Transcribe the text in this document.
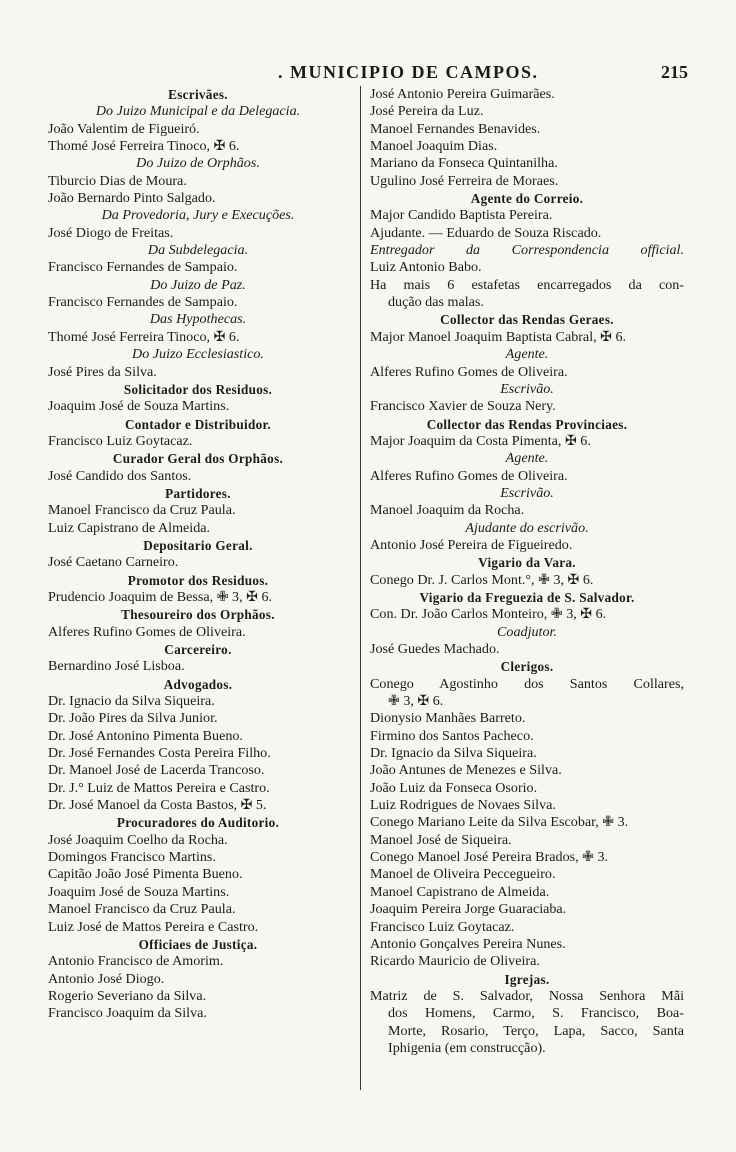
. MUNICIPIO DE CAMPOS.	215
Escrivães.
Do Juizo Municipal e da Delegacia.
João Valentim de Figueiró.
Thomé José Ferreira Tinoco, ✠ 6.
Do Juizo de Orphãos.
Tiburcio Dias de Moura.
João Bernardo Pinto Salgado.
Da Provedoria, Jury e Execuções.
José Diogo de Freitas.
Da Subdelegacia.
Francisco Fernandes de Sampaio.
Do Juizo de Paz.
Francisco Fernandes de Sampaio.
Das Hypothecas.
Thomé José Ferreira Tinoco, ✠ 6.
Do Juizo Ecclesiastico.
José Pires da Silva.
Solicitador dos Residuos.
Joaquim José de Souza Martins.
Contador e Distribuidor.
Francisco Luiz Goytacaz.
Curador Geral dos Orphãos.
José Candido dos Santos.
Partidores.
Manoel Francisco da Cruz Paula.
Luiz Capistrano de Almeida.
Depositario Geral.
José Caetano Carneiro.
Promotor dos Residuos.
Prudencio Joaquim de Bessa, ✙ 3, ✠ 6.
Thesoureiro dos Orphãos.
Alferes Rufino Gomes de Oliveira.
Carcereiro.
Bernardino José Lisboa.
Advogados.
Dr. Ignacio da Silva Siqueira.
Dr. João Pires da Silva Junior.
Dr. José Antonino Pimenta Bueno.
Dr. José Fernandes Costa Pereira Filho.
Dr. Manoel José de Lacerda Trancoso.
Dr. J.° Luiz de Mattos Pereira e Castro.
Dr. José Manoel da Costa Bastos, ✠ 5.
Procuradores do Auditorio.
José Joaquim Coelho da Rocha.
Domingos Francisco Martins.
Capitão João José Pimenta Bueno.
Joaquim José de Souza Martins.
Manoel Francisco da Cruz Paula.
Luiz José de Mattos Pereira e Castro.
Officiaes de Justiça.
Antonio Francisco de Amorim.
Antonio José Diogo.
Rogerio Severiano da Silva.
Francisco Joaquim da Silva.
José Antonio Pereira Guimarães.
José Pereira da Luz.
Manoel Fernandes Benavides.
Manoel Joaquim Dias.
Mariano da Fonseca Quintanilha.
Ugulino José Ferreira de Moraes.
Agente do Correio.
Major Candido Baptista Pereira.
Ajudante. — Eduardo de Souza Riscado.
Entregador da Correspondencia official.
Luiz Antonio Babo.
Ha mais 6 estafetas encarregados da con-
dução das malas.
Collector das Rendas Geraes.
Major Manoel Joaquim Baptista Cabral, ✠ 6.
Agente.
Alferes Rufino Gomes de Oliveira.
Escrivão.
Francisco Xavier de Souza Nery.
Collector das Rendas Provinciaes.
Major Joaquim da Costa Pimenta, ✠ 6.
Agente.
Alferes Rufino Gomes de Oliveira.
Escrivão.
Manoel Joaquim da Rocha.
Ajudante do escrivão.
Antonio José Pereira de Figueiredo.
Vigario da Vara.
Conego Dr. J. Carlos Mont.°, ✙ 3, ✠ 6.
Vigario da Freguezia de S. Salvador.
Con. Dr. João Carlos Monteiro, ✙ 3, ✠ 6.
Coadjutor.
José Guedes Machado.
Clerigos.
Conego Agostinho dos Santos Collares,
✙ 3, ✠ 6.
Dionysio Manhães Barreto.
Firmino dos Santos Pacheco.
Dr. Ignacio da Silva Siqueira.
João Antunes de Menezes e Silva.
João Luiz da Fonseca Osorio.
Luiz Rodrigues de Novaes Silva.
Conego Mariano Leite da Silva Escobar, ✙ 3.
Manoel José de Siqueira.
Conego Manoel José Pereira Brados, ✙ 3.
Manoel de Oliveira Peccegueiro.
Manoel Capistrano de Almeida.
Joaquim Pereira Jorge Guaraciaba.
Francisco Luiz Goytacaz.
Antonio Gonçalves Pereira Nunes.
Ricardo Mauricio de Oliveira.
Igrejas.
Matriz de S. Salvador, Nossa Senhora Mãi
dos Homens, Carmo, S. Francisco, Boa-
Morte, Rosario, Terço, Lapa, Sacco, Santa
Iphigenia (em construcção).
